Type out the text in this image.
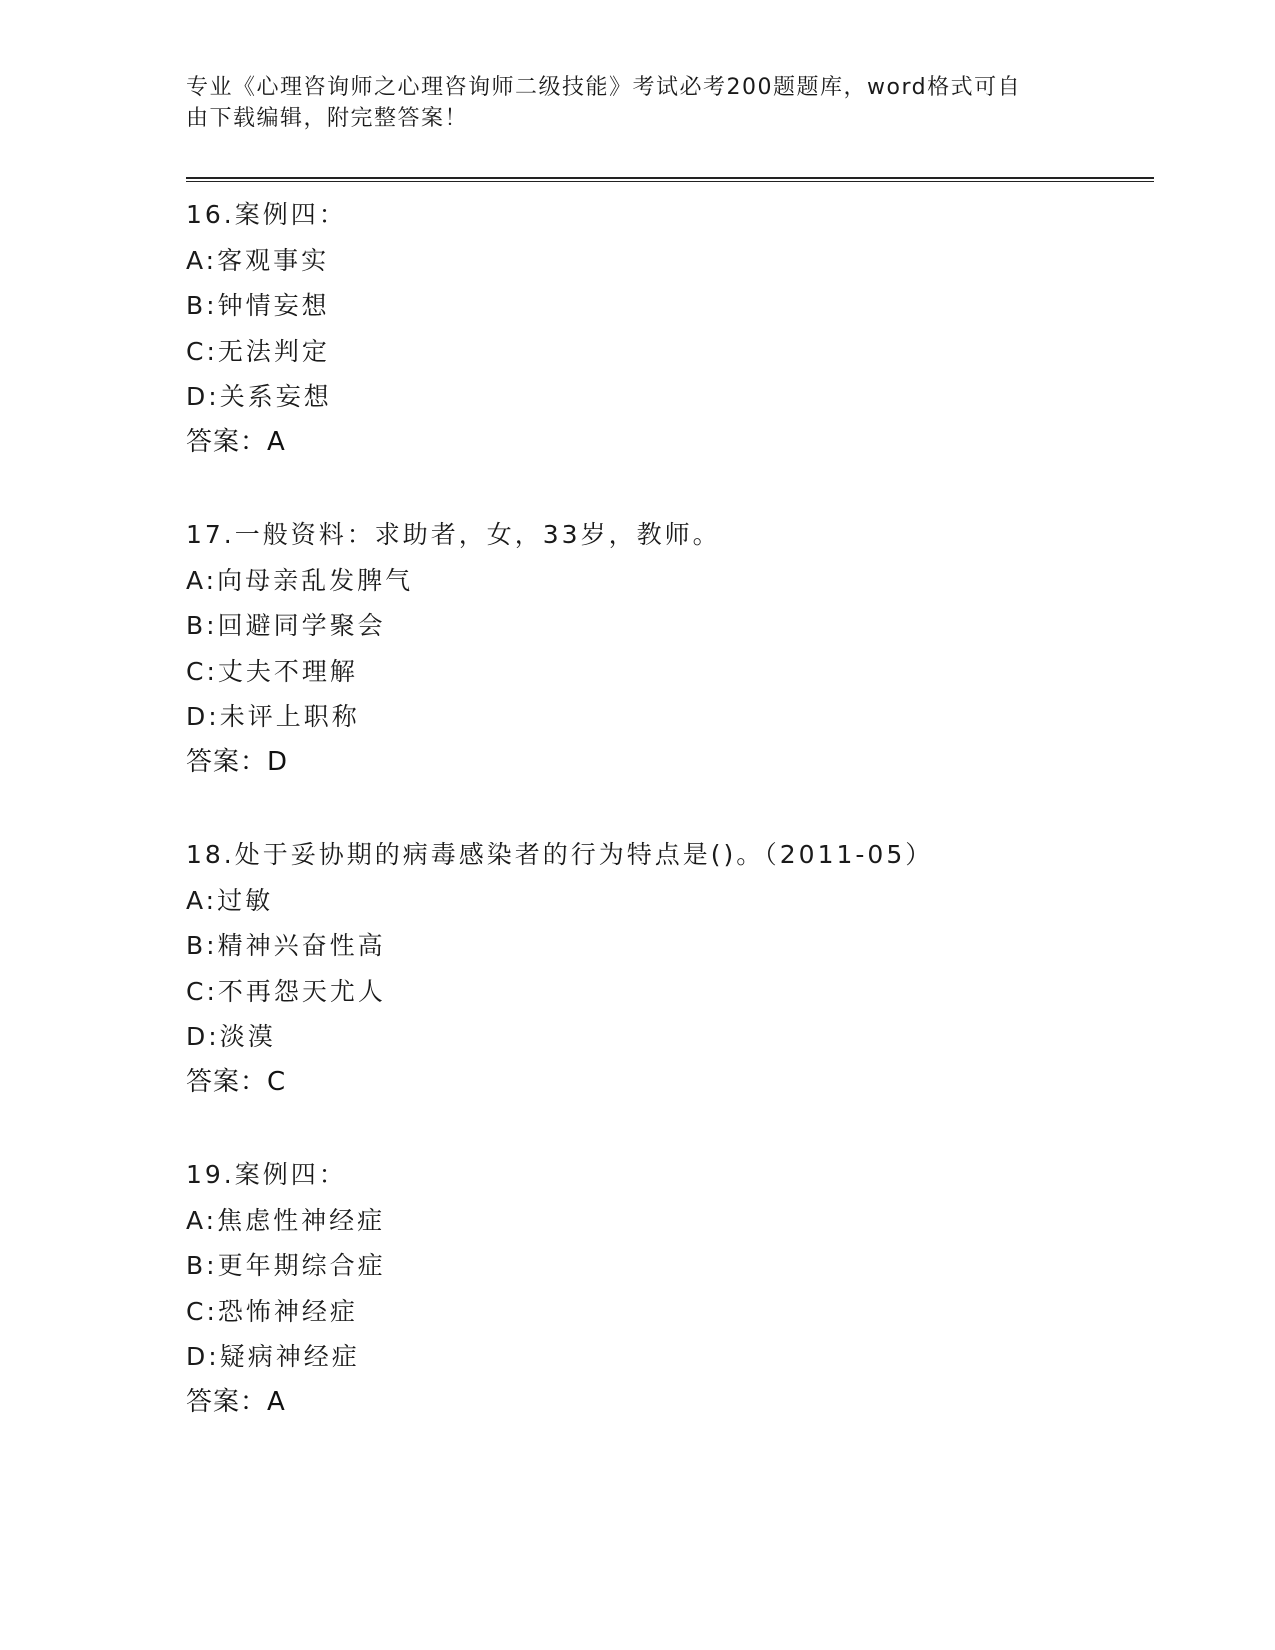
专业《心理咨询师之心理咨询师二级技能》考试必考200题题库，word格式可自
由下载编辑，附完整答案！
16.案例四：
A:客观事实
B:钟情妄想
C:无法判定
D:关系妄想
答案：A
17.一般资料：求助者，女，33岁，教师。
A:向母亲乱发脾气
B:回避同学聚会
C:丈夫不理解
D:未评上职称
答案：D
18.处于妥协期的病毒感染者的行为特点是()。（2011-05）
A:过敏
B:精神兴奋性高
C:不再怨天尤人
D:淡漠
答案：C
19.案例四：
A:焦虑性神经症
B:更年期综合症
C:恐怖神经症
D:疑病神经症
答案：A
